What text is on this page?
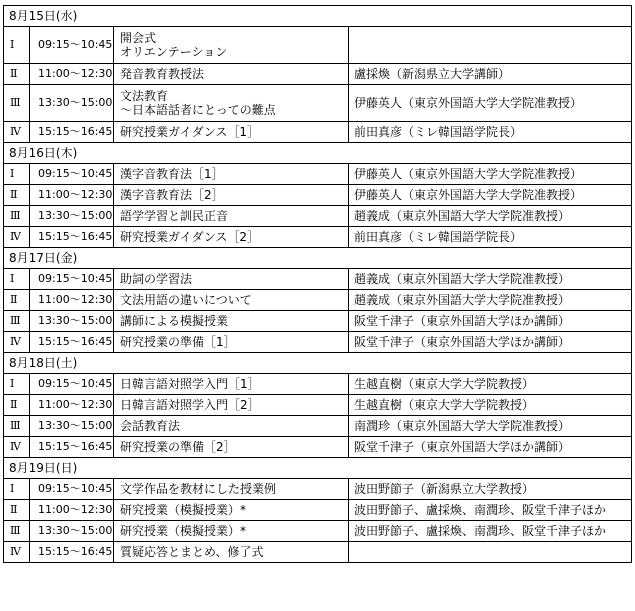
8月15日(水)			
Ⅰ	09:15〜10:45	開会式
オリエンテーション	

Ⅱ	11:00〜12:30	発音教育教授法	盧採煥（新潟県立大学講師）
Ⅲ	13:30〜15:00	文法教育
〜日本語話者にとっての難点	伊藤英人（東京外国語大学大学院准教授）
Ⅳ	15:15〜16:45	研究授業ガイダンス［1］	前田真彦（ミレ韓国語学院長）
8月16日(木)			
Ⅰ	09:15〜10:45	漢字音教育法［1］	伊藤英人（東京外国語大学大学院准教授）
Ⅱ	11:00〜12:30	漢字音教育法［2］	伊藤英人（東京外国語大学大学院准教授）
Ⅲ	13:30〜15:00	語学学習と訓民正音	趙義成（東京外国語大学大学院准教授）
Ⅳ	15:15〜16:45	研究授業ガイダンス［2］	前田真彦（ミレ韓国語学院長）
8月17日(金)			
Ⅰ	09:15〜10:45	助詞の学習法	趙義成（東京外国語大学大学院准教授）
Ⅱ	11:00〜12:30	文法用語の違いについて	趙義成（東京外国語大学大学院准教授）
Ⅲ	13:30〜15:00	講師による模擬授業	阪堂千津子（東京外国語大学ほか講師）
Ⅳ	15:15〜16:45	研究授業の準備［1］	阪堂千津子（東京外国語大学ほか講師）
8月18日(土)			
Ⅰ	09:15〜10:45	日韓言語対照学入門［1］	生越直樹（東京大学大学院教授）
Ⅱ	11:00〜12:30	日韓言語対照学入門［2］	生越直樹（東京大学大学院教授）
Ⅲ	13:30〜15:00	会話教育法	南潤珍（東京外国語大学大学院准教授）
Ⅳ	15:15〜16:45	研究授業の準備［2］	阪堂千津子（東京外国語大学ほか講師）
8月19日(日)			
Ⅰ	09:15〜10:45	文学作品を教材にした授業例	波田野節子（新潟県立大学教授）
Ⅱ	11:00〜12:30	研究授業（模擬授業）*	波田野節子、盧採煥、南潤珍、阪堂千津子ほか
Ⅲ	13:30〜15:00	研究授業（模擬授業）*	波田野節子、盧採煥、南潤珍、阪堂千津子ほか
Ⅳ	15:15〜16:45	質疑応答とまとめ、修了式	
